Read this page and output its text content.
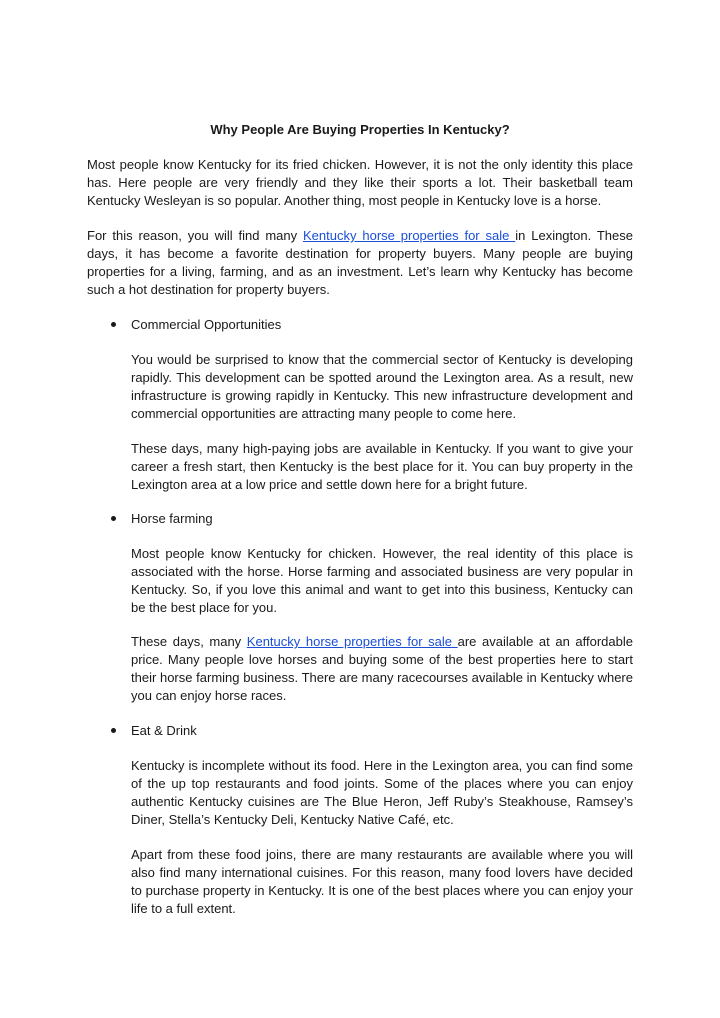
Why People Are Buying Properties In Kentucky?

Most people know Kentucky for its fried chicken. However, it is not the only identity this place has. Here people are very friendly and they like their sports a lot. Their basketball team Kentucky Wesleyan is so popular. Another thing, most people in Kentucky love is a horse.

For this reason, you will find many Kentucky horse properties for sale in Lexington. These days, it has become a favorite destination for property buyers. Many people are buying properties for a living, farming, and as an investment. Let’s learn why Kentucky has become such a hot destination for property buyers.

Commercial Opportunities

You would be surprised to know that the commercial sector of Kentucky is developing rapidly. This development can be spotted around the Lexington area. As a result, new infrastructure is growing rapidly in Kentucky. This new infrastructure development and commercial opportunities are attracting many people to come here.

These days, many high-paying jobs are available in Kentucky. If you want to give your career a fresh start, then Kentucky is the best place for it. You can buy property in the Lexington area at a low price and settle down here for a bright future.

Horse farming

Most people know Kentucky for chicken. However, the real identity of this place is associated with the horse. Horse farming and associated business are very popular in Kentucky. So, if you love this animal and want to get into this business, Kentucky can be the best place for you.

These days, many Kentucky horse properties for sale are available at an affordable price. Many people love horses and buying some of the best properties here to start their horse farming business. There are many racecourses available in Kentucky where you can enjoy horse races.

Eat & Drink

Kentucky is incomplete without its food. Here in the Lexington area, you can find some of the up top restaurants and food joints. Some of the places where you can enjoy authentic Kentucky cuisines are The Blue Heron, Jeff Ruby’s Steakhouse, Ramsey’s Diner, Stella’s Kentucky Deli, Kentucky Native Café, etc.

Apart from these food joins, there are many restaurants are available where you will also find many international cuisines. For this reason, many food lovers have decided to purchase property in Kentucky. It is one of the best places where you can enjoy your life to a full extent.
